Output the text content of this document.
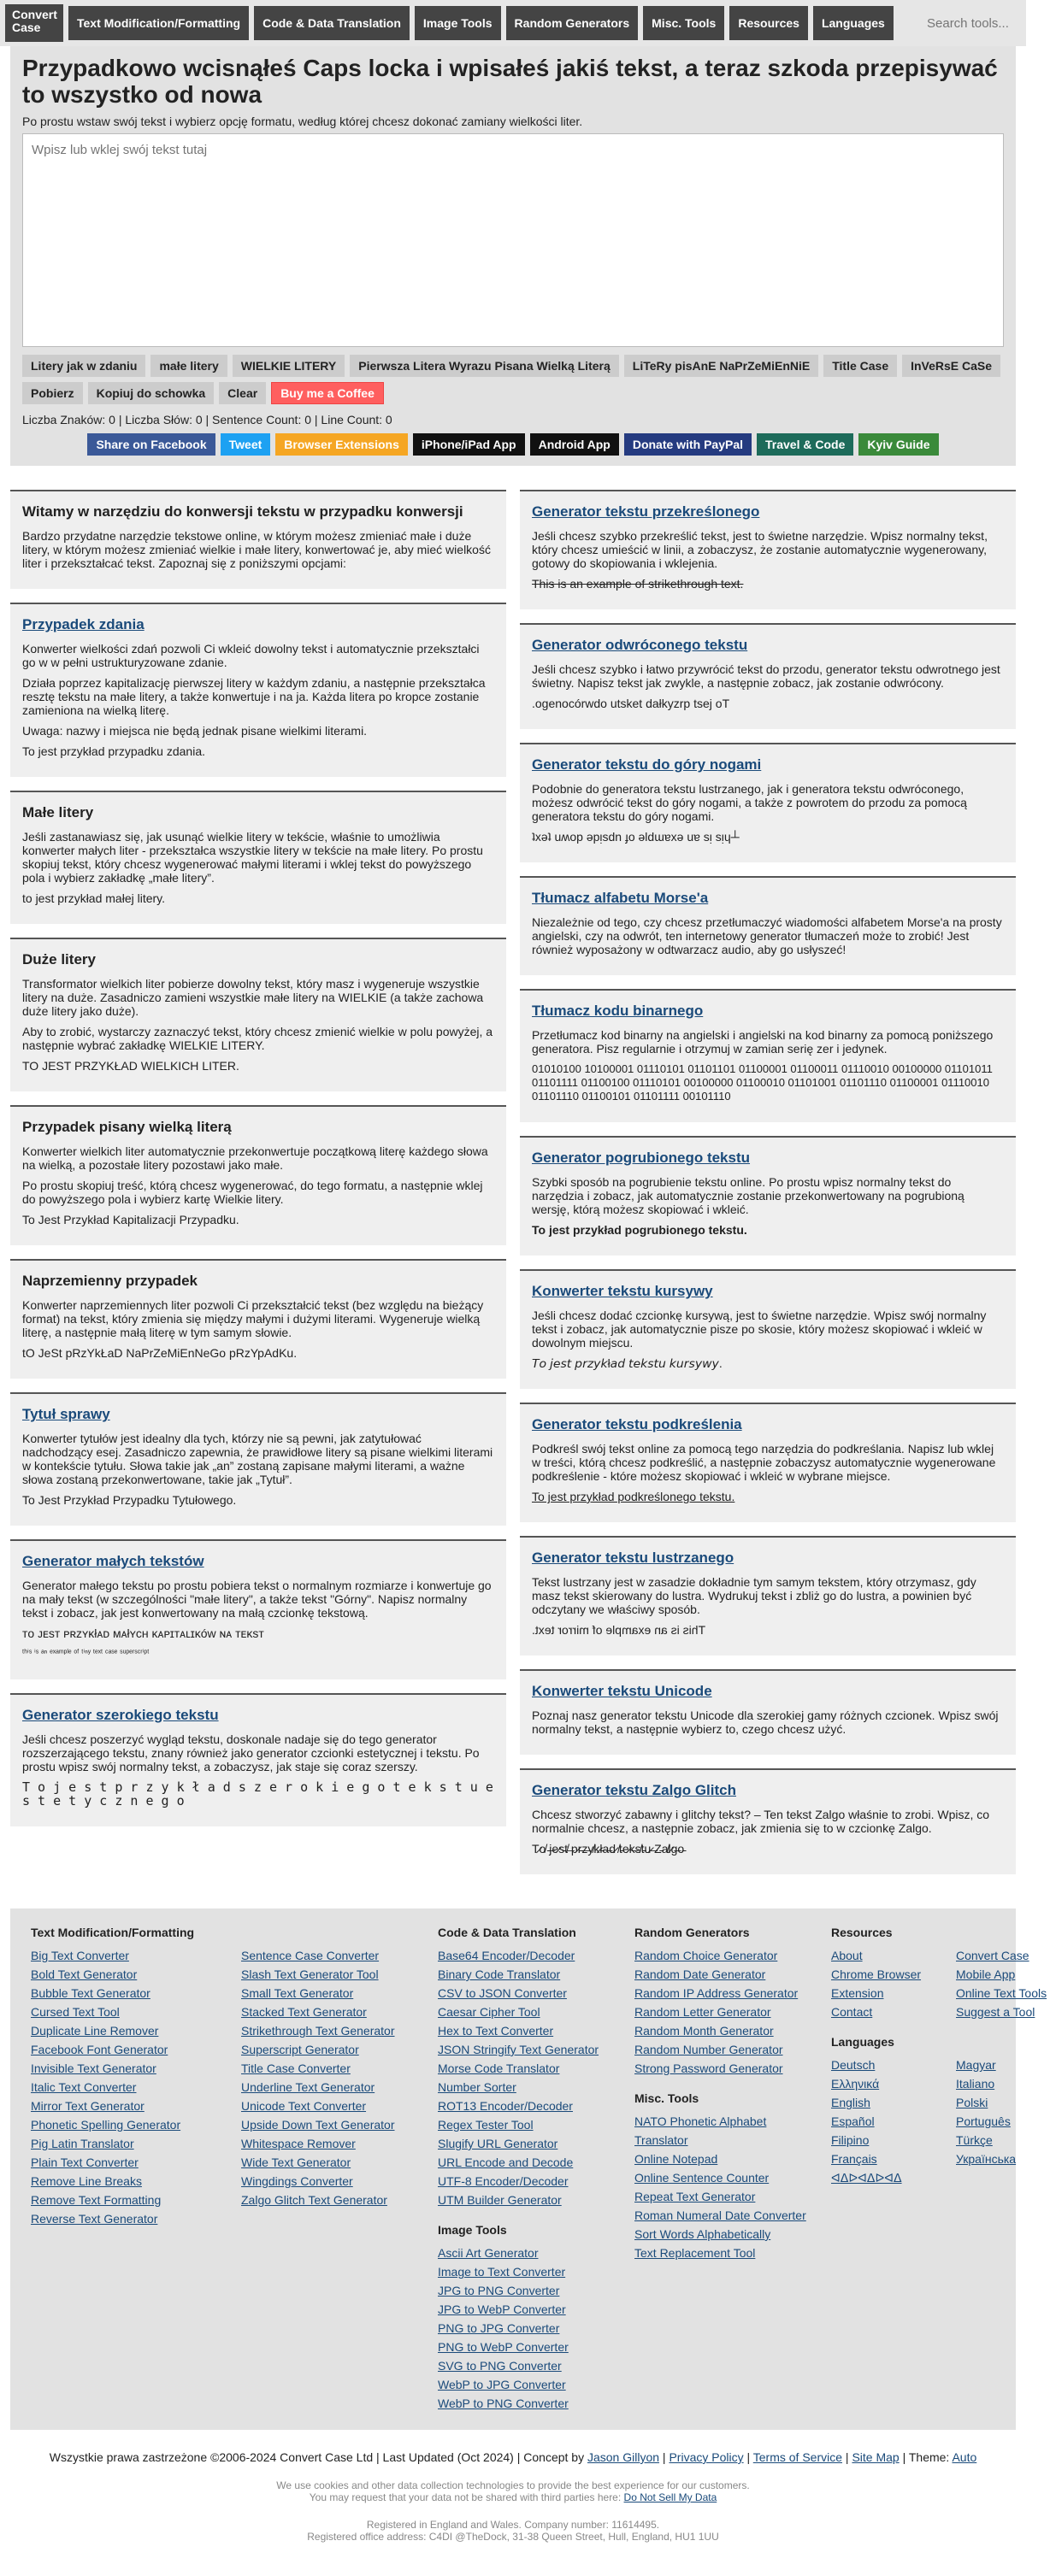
Convert Case	Text Modification/Formatting	Code & Data Translation	Image Tools	Random Generators	Misc. Tools	Resources	Languages
Search tools...
Przypadkowo wcisnąłeś Caps locka i wpisałeś jakiś tekst, a teraz szkoda przepisywać to wszystko od nowa

Po prostu wstaw swój tekst i wybierz opcję formatu, według której chcesz dokonać zamiany wielkości liter.

Wpisz lub wklej swój tekst tutaj
Litery jak w zdaniu	małe litery	WIELKIE LITERY	Pierwsza Litera Wyrazu Pisana Wielką Literą	LiTeRy pisAnE NaPrZeMiEnNiE	Title Case	InVeRsE CaSe
Pobierz	Kopiuj do schowka	Clear	Buy me a Coffee
Liczba Znaków: 0 | Liczba Słów: 0 | Sentence Count: 0 | Line Count: 0
Share on Facebook	Tweet	Browser Extensions	iPhone/iPad App	Android App	Donate with PayPal	Travel & Code	Kyiv Guide
Witamy w narzędziu do konwersji tekstu w przypadku konwersji

Bardzo przydatne narzędzie tekstowe online, w którym możesz zmieniać małe i duże litery, w którym możesz zmieniać wielkie i małe litery, konwertować je, aby mieć wielkość liter i przekształcać tekst. Zapoznaj się z poniższymi opcjami:

Przypadek zdania

Konwerter wielkości zdań pozwoli Ci wkleić dowolny tekst i automatycznie przekształci go w w pełni ustrukturyzowane zdanie.

Działa poprzez kapitalizację pierwszej litery w każdym zdaniu, a następnie przekształca resztę tekstu na małe litery, a także konwertuje i na ja. Każda litera po kropce zostanie zamieniona na wielką literę.

Uwaga: nazwy i miejsca nie będą jednak pisane wielkimi literami.

To jest przykład przypadku zdania.

Małe litery

Jeśli zastanawiasz się, jak usunąć wielkie litery w tekście, właśnie to umożliwia konwerter małych liter - przekształca wszystkie litery w tekście na małe litery. Po prostu skopiuj tekst, który chcesz wygenerować małymi literami i wklej tekst do powyższego pola i wybierz zakładkę „małe litery”.

to jest przykład małej litery.

Duże litery

Transformator wielkich liter pobierze dowolny tekst, który masz i wygeneruje wszystkie litery na duże. Zasadniczo zamieni wszystkie małe litery na WIELKIE (a także zachowa duże litery jako duże).

Aby to zrobić, wystarczy zaznaczyć tekst, który chcesz zmienić wielkie w polu powyżej, a następnie wybrać zakładkę WIELKIE LITERY.

TO JEST PRZYKŁAD WIELKICH LITER.

Przypadek pisany wielką literą

Konwerter wielkich liter automatycznie przekonwertuje początkową literę każdego słowa na wielką, a pozostałe litery pozostawi jako małe.

Po prostu skopiuj treść, którą chcesz wygenerować, do tego formatu, a następnie wklej do powyższego pola i wybierz kartę Wielkie litery.

To Jest Przykład Kapitalizacji Przypadku.

Naprzemienny przypadek

Konwerter naprzemiennych liter pozwoli Ci przekształcić tekst (bez względu na bieżący format) na tekst, który zmienia się między małymi i dużymi literami. Wygeneruje wielką literę, a następnie małą literę w tym samym słowie.

tO JeSt pRzYkŁaD NaPrZeMiEnNeGo pRzYpAdKu.

Tytuł sprawy

Konwerter tytułów jest idealny dla tych, którzy nie są pewni, jak zatytułować nadchodzący esej. Zasadniczo zapewnia, że prawidłowe litery są pisane wielkimi literami w kontekście tytułu. Słowa takie jak „an” zostaną zapisane małymi literami, a ważne słowa zostaną przekonwertowane, takie jak „Tytuł”.

To Jest Przykład Przypadku Tytułowego.

Generator małych tekstów

Generator małego tekstu po prostu pobiera tekst o normalnym rozmiarze i konwertuje go na mały tekst (w szczególności "małe litery", a także tekst "Górny". Napisz normalny tekst i zobacz, jak jest konwertowany na małą czcionkę tekstową.

ᴛᴏ ᴊᴇsᴛ ᴘʀᴢʏᴋłᴀᴅ ᴍᴀłʏᴄʜ ᴋᴀᴘɪᴛᴀʟɪᴋóᴡ ɴᴀ ᴛᴇᴋsᴛ

ᵗʰⁱˢ ⁱˢ ᵃⁿ ᵉˣᵃᵐᵖˡᵉ ᵒᶠ ᵗⁱⁿʸ ᵗᵉˣᵗ ᶜᵃˢᵉ ˢᵘᵖᵉʳˢᶜʳⁱᵖᵗ

Generator szerokiego tekstu

Jeśli chcesz poszerzyć wygląd tekstu, doskonale nadaje się do tego generator rozszerzającego tekstu, znany również jako generator czcionki estetycznej i tekstu. Po prostu wpisz swój normalny tekst, a zobaczysz, jak staje się coraz szerszy.

T o j e s t p r z y k ł a d s z e r o k i e g o t e k s t u e s t e t y c z n e g o

Generator tekstu przekreślonego

Jeśli chcesz szybko przekreślić tekst, jest to świetne narzędzie. Wpisz normalny tekst, który chcesz umieścić w linii, a zobaczysz, że zostanie automatycznie wygenerowany, gotowy do skopiowania i wklejenia.

This is an example of strikethrough text.

Generator odwróconego tekstu

Jeśli chcesz szybko i łatwo przywrócić tekst do przodu, generator tekstu odwrotnego jest świetny. Napisz tekst jak zwykle, a następnie zobacz, jak zostanie odwrócony.

.ogenocórwdo utsket dałkyzrp tsej oT

Generator tekstu do góry nogami

Podobnie do generatora tekstu lustrzanego, jak i generatora tekstu odwróconego, możesz odwrócić tekst do góry nogami, a także z powrotem do przodu za pomocą generatora tekstu do góry nogami.

ʇxǝʇ uʍop ǝpᴉsdn ɟo ǝldɯɐxǝ uɐ sᴉ sᴉɥ┴

Tłumacz alfabetu Morse'a

Niezależnie od tego, czy chcesz przetłumaczyć wiadomości alfabetem Morse'a na prosty angielski, czy na odwrót, ten internetowy generator tłumaczeń może to zrobić! Jest również wyposażony w odtwarzacz audio, aby go usłyszeć!

Tłumacz kodu binarnego

Przetłumacz kod binarny na angielski i angielski na kod binarny za pomocą poniższego generatora. Pisz regularnie i otrzymuj w zamian serię zer i jedynek.

01010100 10100001 01110101 01101101 01100001 01100011 01110010 00100000 01101011 01101111 01100100 01110101 00100000 01100010 01101001 01101110 01100001 01110010 01101110 01100101 01101111 00101110

Generator pogrubionego tekstu

Szybki sposób na pogrubienie tekstu online. Po prostu wpisz normalny tekst do narzędzia i zobacz, jak automatycznie zostanie przekonwertowany na pogrubioną wersję, którą możesz skopiować i wkleić.

To jest przykład pogrubionego tekstu.

Konwerter tekstu kursywy

Jeśli chcesz dodać czcionkę kursywą, jest to świetne narzędzie. Wpisz swój normalny tekst i zobacz, jak automatycznie pisze po skosie, który możesz skopiować i wkleić w dowolnym miejscu.

𝘛𝘰 𝘫𝘦𝘴𝘵 𝘱𝘳𝘻𝘺𝘬ł𝘢𝘥 𝘵𝘦𝘬𝘴𝘵𝘶 𝘬𝘶𝘳𝘴𝘺𝘸𝘺.

Generator tekstu podkreślenia

Podkreśl swój tekst online za pomocą tego narzędzia do podkreślania. Napisz lub wklej w treści, którą chcesz podkreślić, a następnie zobaczysz automatycznie wygenerowane podkreślenie - które możesz skopiować i wkleić w wybrane miejsce.

To jest przykład podkreślonego tekstu.

Generator tekstu lustrzanego

Tekst lustrzany jest w zasadzie dokładnie tym samym tekstem, który otrzymasz, gdy masz tekst skierowany do lustra. Wydrukuj tekst i zbliż go do lustra, a powinien być odczytany we właściwy sposób.

This is an example of mirror text.

Konwerter tekstu Unicode

Poznaj nasz generator tekstu Unicode dla szerokiej gamy różnych czcionek. Wpisz swój normalny tekst, a następnie wybierz to, czego chcesz użyć.

Generator tekstu Zalgo Glitch

Chcesz stworzyć zabawny i glitchy tekst? – Ten tekst Zalgo właśnie to zrobi. Wpisz, co normalnie chcesz, a następnie zobacz, jak zmienia się to w czcionkę Zalgo.

T̷o̸ ̵j̶e̷s̵t̸ ̶p̷r̵z̶y̸k̷ł̵a̶d̷ ̸t̵e̷k̶s̸t̵u̷ ̶Z̵a̸l̷g̶o̵

Text Modification/Formatting
Big Text Converter
Bold Text Generator
Bubble Text Generator
Cursed Text Tool
Duplicate Line Remover
Facebook Font Generator
Invisible Text Generator
Italic Text Converter
Mirror Text Generator
Phonetic Spelling Generator
Pig Latin Translator
Plain Text Converter
Remove Line Breaks
Remove Text Formatting
Reverse Text Generator
Sentence Case Converter
Slash Text Generator Tool
Small Text Generator
Stacked Text Generator
Strikethrough Text Generator
Superscript Generator
Title Case Converter
Underline Text Generator
Unicode Text Converter
Upside Down Text Generator
Whitespace Remover
Wide Text Generator
Wingdings Converter
Zalgo Glitch Text Generator
Code & Data Translation
Base64 Encoder/Decoder
Binary Code Translator
CSV to JSON Converter
Caesar Cipher Tool
Hex to Text Converter
JSON Stringify Text Generator
Morse Code Translator
Number Sorter
ROT13 Encoder/Decoder
Regex Tester Tool
Slugify URL Generator
URL Encode and Decode
UTF-8 Encoder/Decoder
UTM Builder Generator
Image Tools
Ascii Art Generator
Image to Text Converter
JPG to PNG Converter
JPG to WebP Converter
PNG to JPG Converter
PNG to WebP Converter
SVG to PNG Converter
WebP to JPG Converter
WebP to PNG Converter
Random Generators
Random Choice Generator
Random Date Generator
Random IP Address Generator
Random Letter Generator
Random Month Generator
Random Number Generator
Strong Password Generator
Misc. Tools
NATO Phonetic Alphabet Translator
Online Notepad
Online Sentence Counter
Repeat Text Generator
Roman Numeral Date Converter
Sort Words Alphabetically
Text Replacement Tool
Resources
About
Chrome Browser Extension
Contact
Convert Case Mobile App
Online Text Tools
Suggest a Tool
Languages
Deutsch
Ελληνικά
English
Español
Filipino
Français
ᐊᐃᐅᐊᐃᐅᐊᐃ
Magyar
Italiano
Polski
Português
Türkçe
Українська
Wszystkie prawa zastrzeżone ©2006-2024 Convert Case Ltd | Last Updated (Oct 2024) | Concept by Jason Gillyon | Privacy Policy | Terms of Service | Site Map | Theme: Auto
We use cookies and other data collection technologies to provide the best experience for our customers.
You may request that your data not be shared with third parties here: Do Not Sell My Data
Registered in England and Wales. Company number: 11614495.
Registered office address: C4DI @TheDock, 31-38 Queen Street, Hull, England, HU1 1UU
